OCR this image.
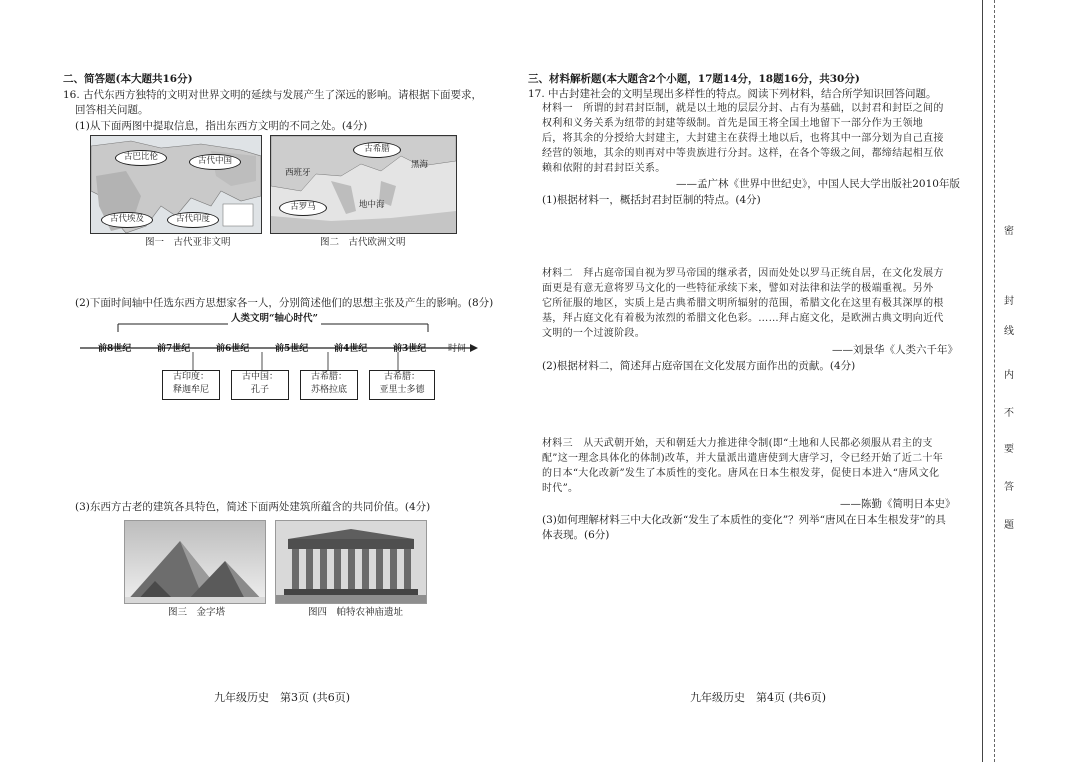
密
封
线
内
不
要
答
题
二、简答题(本大题共16分)
16. 古代东西方独特的文明对世界文明的延续与发展产生了深远的影响。请根据下面要求，
回答相关问题。
(1)从下面两图中提取信息，指出东西方文明的不同之处。(4分)
古巴比伦	古代中国
古代埃及	古代印度
图一　古代亚非文明
古希腊
西班牙
古罗马	地中海
黑海
图二　古代欧洲文明
(2)下面时间轴中任选东西方思想家各一人，分别简述他们的思想主张及产生的影响。(8分)
人类文明“轴心时代”
前8世纪	前7世纪	前6世纪	前5世纪	前4世纪	前3世纪 时间
古印度：
释迦牟尼
古中国：
孔子
古希腊：
苏格拉底
古希腊：
亚里士多德
(3)东西方古老的建筑各具特色，简述下面两处建筑所蕴含的共同价值。(4分)
图三　金字塔	图四　帕特农神庙遗址
九年级历史　第3页 (共6页)
三、材料解析题(本大题含2个小题，17题14分，18题16分，共30分)
17. 中古封建社会的文明呈现出多样性的特点。阅读下列材料，结合所学知识回答问题。
材料一　所谓的封君封臣制，就是以土地的层层分封、占有为基础，以封君和封臣之间的
权利和义务关系为纽带的封建等级制。首先是国王将全国土地留下一部分作为王领地
后，将其余的分授给大封建主，大封建主在获得土地以后，也将其中一部分划为自己直接
经营的领地，其余的则再对中等贵族进行分封。这样，在各个等级之间，都缔结起相互依
赖和依附的封君封臣关系。
——孟广林《世界中世纪史》，中国人民大学出版社2010年版
(1)根据材料一，概括封君封臣制的特点。(4分)
材料二　拜占庭帝国自视为罗马帝国的继承者，因而处处以罗马正统自居，在文化发展方
面更是有意无意将罗马文化的一些特征承续下来，譬如对法律和法学的极端重视。另外
它所征服的地区，实质上是古典希腊文明所辐射的范围，希腊文化在这里有极其深厚的根
基，拜占庭文化有着极为浓烈的希腊文化色彩。……拜占庭文化，是欧洲古典文明向近代
文明的一个过渡阶段。
——刘景华《人类六千年》
(2)根据材料二，简述拜占庭帝国在文化发展方面作出的贡献。(4分)
材料三　从天武朝开始，天和朝廷大力推进律令制(即“土地和人民都必须服从君主的支
配”这一理念具体化的体制)改革，并大量派出遣唐使到大唐学习，令已经开始了近二十年
的日本“大化改新”发生了本质性的变化。唐风在日本生根发芽，促使日本进入“唐风文化
时代”。
——陈勤《简明日本史》
(3)如何理解材料三中大化改新“发生了本质性的变化”？列举“唐风在日本生根发芽”的具
体表现。(6分)
九年级历史　第4页 (共6页)
